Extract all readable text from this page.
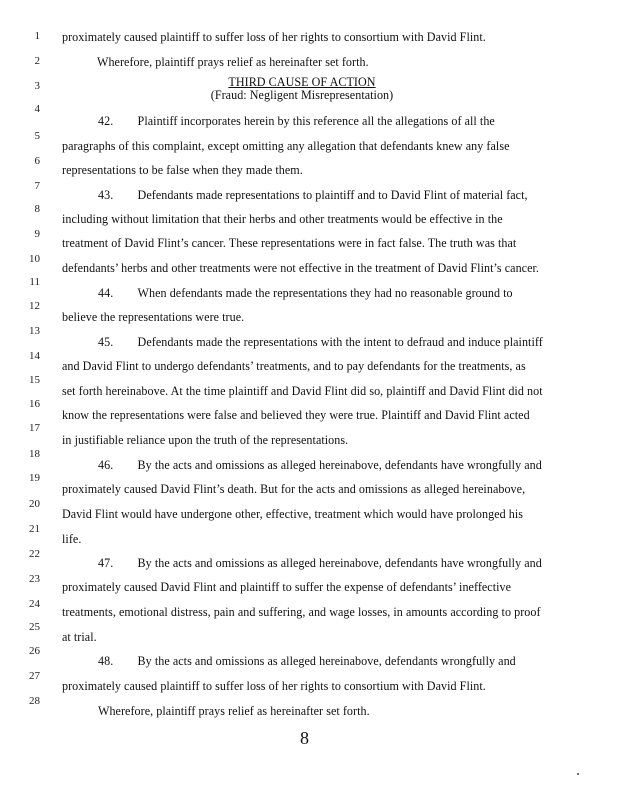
1
2
3
4
5
6
7
8
9
10
11
12
13
14
15
16
17
18
19
20
21
22
23
24
25
26
27
28
proximately caused plaintiff to suffer loss of her rights to consortium with David Flint.
Wherefore, plaintiff prays relief as hereinafter set forth.
THIRD CAUSE OF ACTION
(Fraud: Negligent Misrepresentation)
42.  Plaintiff incorporates herein by this reference all the allegations of all the
paragraphs of this complaint, except omitting any allegation that defendants knew any false
representations to be false when they made them.
43.  Defendants made representations to plaintiff and to David Flint of material fact,
including without limitation that their herbs and other treatments would be effective in the
treatment of David Flint’s cancer. These representations were in fact false. The truth was that
defendants’ herbs and other treatments were not effective in the treatment of David Flint’s cancer.
44.  When defendants made the representations they had no reasonable ground to
believe the representations were true.
45.  Defendants made the representations with the intent to defraud and induce plaintiff
and David Flint to undergo defendants’ treatments, and to pay defendants for the treatments, as
set forth hereinabove. At the time plaintiff and David Flint did so, plaintiff and David Flint did not
know the representations were false and believed they were true. Plaintiff and David Flint acted
in justifiable reliance upon the truth of the representations.
46.  By the acts and omissions as alleged hereinabove, defendants have wrongfully and
proximately caused David Flint’s death. But for the acts and omissions as alleged hereinabove,
David Flint would have undergone other, effective, treatment which would have prolonged his
life.
47.  By the acts and omissions as alleged hereinabove, defendants have wrongfully and
proximately caused David Flint and plaintiff to suffer the expense of defendants’ ineffective
treatments, emotional distress, pain and suffering, and wage losses, in amounts according to proof
at trial.
48.  By the acts and omissions as alleged hereinabove, defendants wrongfully and
proximately caused plaintiff to suffer loss of her rights to consortium with David Flint.
Wherefore, plaintiff prays relief as hereinafter set forth.
8
